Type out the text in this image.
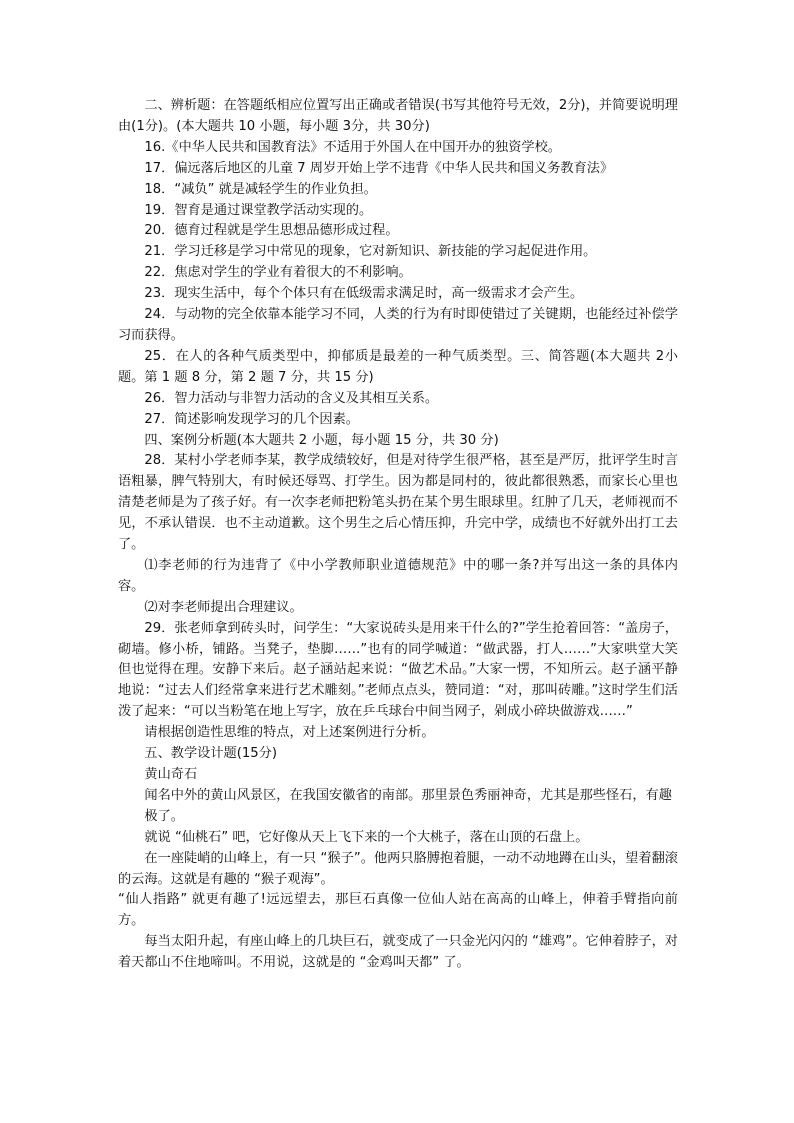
二、辨析题：在答题纸相应位置写出正确或者错误(书写其他符号无效，2分)，并简要说明理由(1分)。(本大题共 10 小题，每小题 3分，共 30分)

16.《中华人民共和国教育法》不适用于外国人在中国开办的独资学校。

17．偏远落后地区的儿童 7 周岁开始上学不违背《中华人民共和国义务教育法》

18．“减负” 就是减轻学生的作业负担。

19．智育是通过课堂教学活动实现的。

20．德育过程就是学生思想品德形成过程。

21．学习迁移是学习中常见的现象，它对新知识、新技能的学习起促进作用。

22．焦虑对学生的学业有着很大的不利影响。

23．现实生活中，每个个体只有在低级需求满足时，高一级需求才会产生。

24．与动物的完全依靠本能学习不同，人类的行为有时即使错过了关键期，也能经过补偿学习而获得。

25．在人的各种气质类型中，抑郁质是最差的一种气质类型。三、简答题(本大题共 2小题。第 1 题 8 分，第 2 题 7 分，共 15 分)

26．智力活动与非智力活动的含义及其相互关系。

27．简述影响发现学习的几个因素。

四、案例分析题(本大题共 2 小题，每小题 15 分，共 30 分)

28．某村小学老师李某，教学成绩较好，但是对待学生很严格，甚至是严厉，批评学生时言语粗暴，脾气特别大，有时候还辱骂、打学生。因为都是同村的，彼此都很熟悉，而家长心里也清楚老师是为了孩子好。有一次李老师把粉笔头扔在某个男生眼球里。红肿了几天，老师视而不见，不承认错误．也不主动道歉。这个男生之后心情压抑，升完中学，成绩也不好就外出打工去了。

⑴李老师的行为违背了《中小学教师职业道德规范》中的哪一条?并写出这一条的具体内容。

⑵对李老师提出合理建议。

29．张老师拿到砖头时，问学生：“大家说砖头是用来干什么的?”学生抢着回答：“盖房子，砌墙。修小桥，铺路。当凳子，垫脚……”也有的同学喊道：“做武器，打人……”大家哄堂大笑但也觉得在理。安静下来后。赵子涵站起来说：“做艺术品。”大家一愣，不知所云。赵子涵平静地说：“过去人们经常拿来进行艺术雕刻。”老师点点头，赞同道：“对，那叫砖雕。”这时学生们活泼了起来：“可以当粉笔在地上写字，放在乒乓球台中间当网子，剁成小碎块做游戏……”

请根据创造性思维的特点，对上述案例进行分析。

五、教学设计题(15分)

黄山奇石

闻名中外的黄山风景区，在我国安徽省的南部。那里景色秀丽神奇，尤其是那些怪石，有趣

极了。

就说 “仙桃石” 吧，它好像从天上飞下来的一个大桃子，落在山顶的石盘上。

在一座陡峭的山峰上，有一只 “猴子”。他两只胳膊抱着腿，一动不动地蹲在山头，望着翻滚的云海。这就是有趣的 “猴子观海”。

“仙人指路” 就更有趣了!远远望去，那巨石真像一位仙人站在高高的山峰上，伸着手臂指向前方。

每当太阳升起，有座山峰上的几块巨石，就变成了一只金光闪闪的 “雄鸡”。它伸着脖子，对着天都山不住地啼叫。不用说，这就是的 “金鸡叫天都” 了。
